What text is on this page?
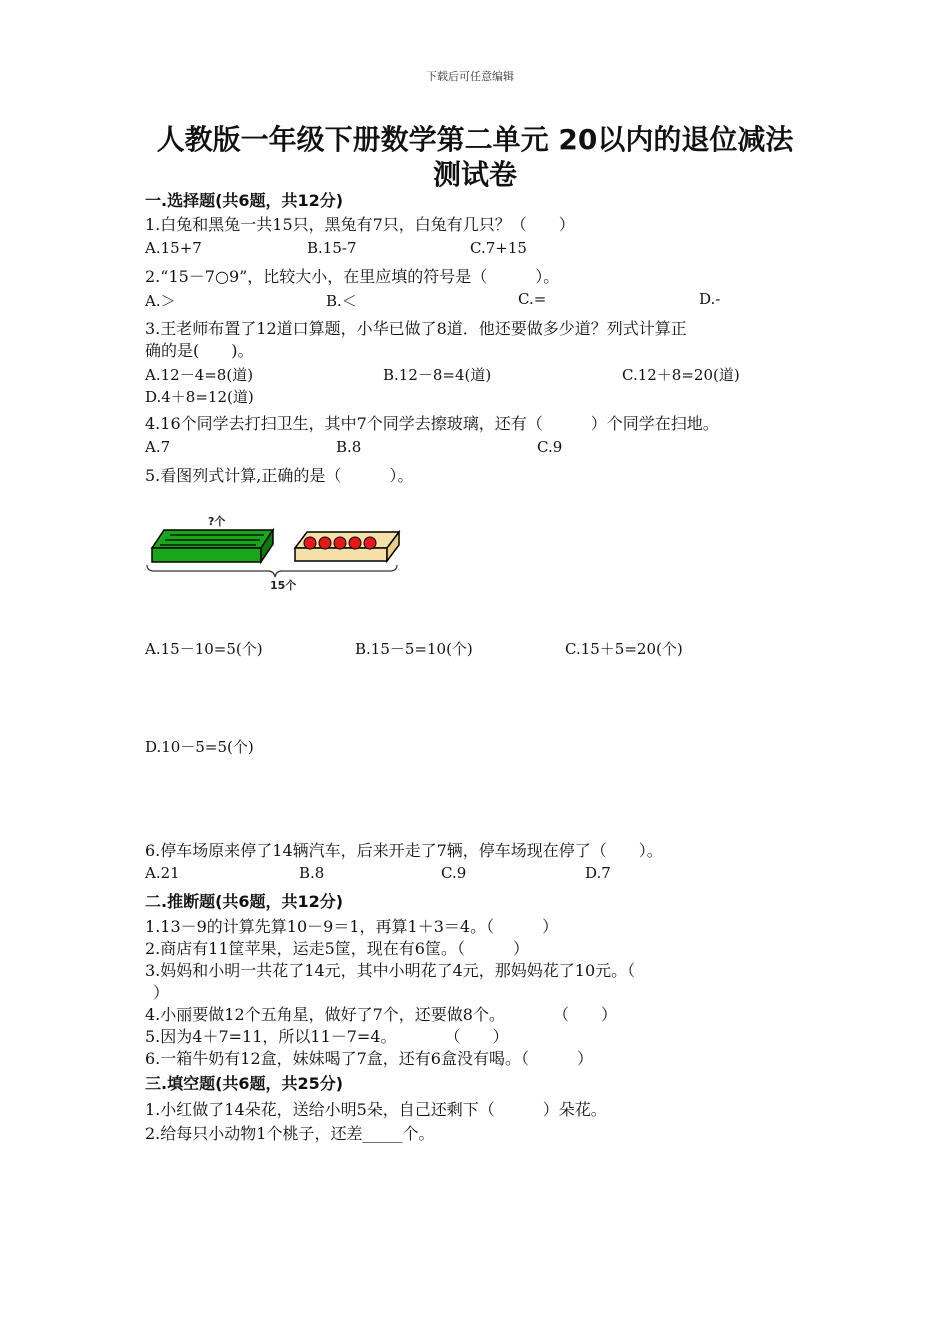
下载后可任意编辑
人教版一年级下册数学第二单元 20以内的退位减法
测试卷
一.选择题(共6题，共12分)
1.白兔和黑兔一共15只，黑兔有7只，白兔有几只？（　　）
A.15+7	B.15-7	C.7+15
2.“15－7○9”，比较大小，在里应填的符号是（　　　）。
A.＞	B.＜	C.=	D.-
3.王老师布置了12道口算题，小华已做了8道．他还要做多少道？列式计算正
确的是(　　)。
A.12－4=8(道)	B.12－8=4(道)	C.12＋8=20(道)
D.4＋8=12(道)
4.16个同学去打扫卫生，其中7个同学去擦玻璃，还有（　　　）个同学在扫地。
A.7	B.8	C.9
5.看图列式计算,正确的是（　　　）。
?个
15个
A.15－10=5(个)	B.15－5=10(个)	C.15＋5=20(个)
D.10－5=5(个)
6.停车场原来停了14辆汽车，后来开走了7辆，停车场现在停了（　　）。
A.21	B.8	C.9	D.7
二.推断题(共6题，共12分)
1.13－9的计算先算10－9＝1，再算1＋3＝4。（　　　）
2.商店有11筐苹果，运走5筐，现在有6筐。（　　　）
3.妈妈和小明一共花了14元，其中小明花了4元，那妈妈花了10元。（
）
4.小丽要做12个五角星，做好了7个，还要做8个。　　　　（　　）
5.因为4＋7=11，所以11－7=4。　　　　（　　）
6.一箱牛奶有12盒，妹妹喝了7盒，还有6盒没有喝。（　　　）
三.填空题(共6题，共25分)
1.小红做了14朵花，送给小明5朵，自己还剩下（　　　）朵花。
2.给每只小动物1个桃子，还差_____个。
